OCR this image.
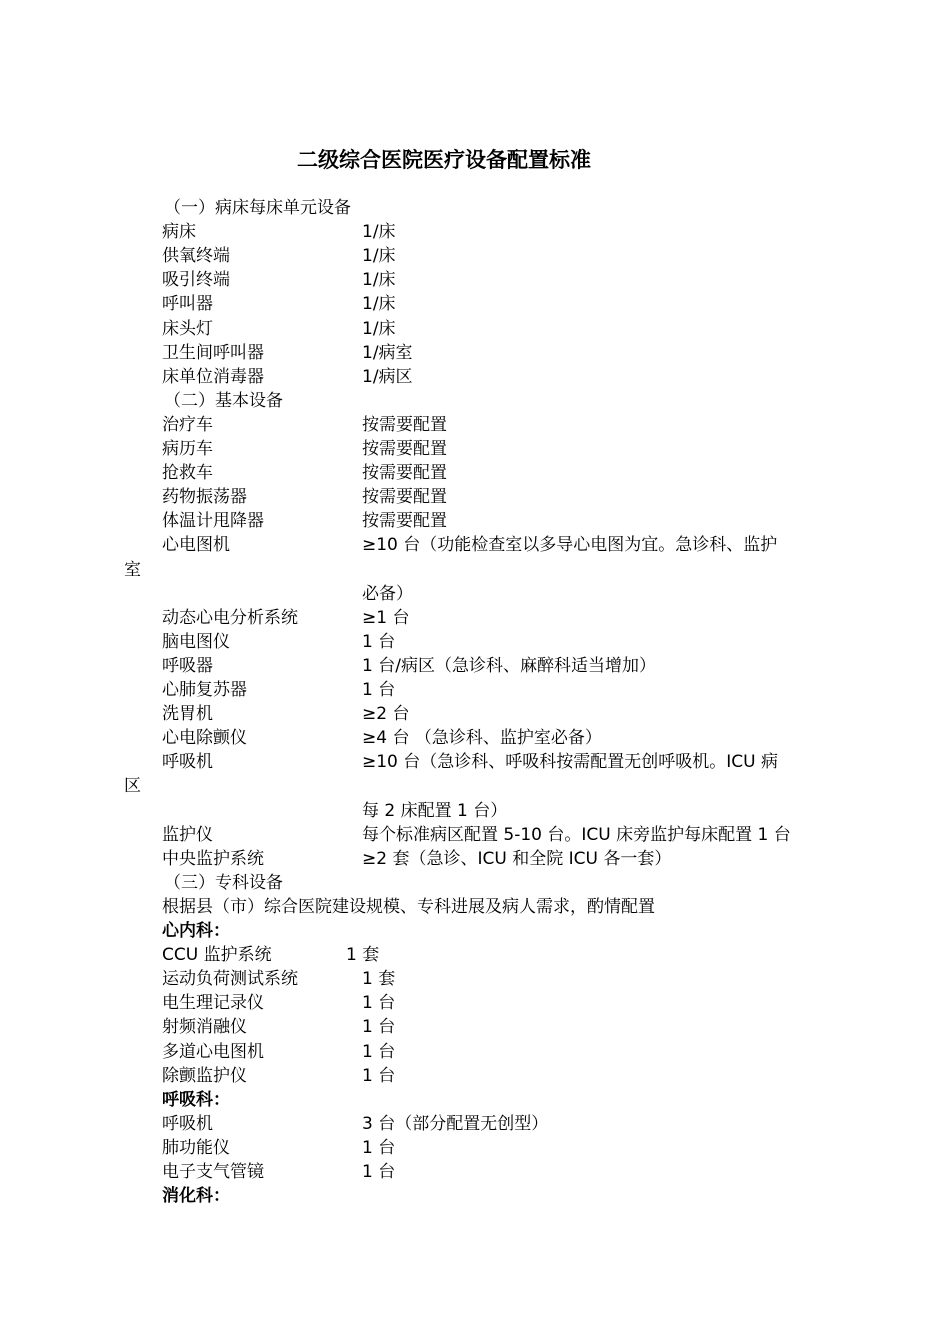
二级综合医院医疗设备配置标准
（一）病床每床单元设备
病床	1/床
供氧终端	1/床
吸引终端	1/床
呼叫器	1/床
床头灯	1/床
卫生间呼叫器	1/病室
床单位消毒器	1/病区
（二）基本设备
治疗车	按需要配置
病历车	按需要配置
抢救车	按需要配置
药物振荡器	按需要配置
体温计甩降器	按需要配置
心电图机	≥10 台（功能检查室以多导心电图为宜。急诊科、监护
室
必备）
动态心电分析系统	≥1 台
脑电图仪	1 台
呼吸器	1 台/病区（急诊科、麻醉科适当增加）
心肺复苏器	1 台
洗胃机	≥2 台
心电除颤仪	≥4 台 （急诊科、监护室必备）
呼吸机	≥10 台（急诊科、呼吸科按需配置无创呼吸机。ICU 病
区
每 2 床配置 1 台）
监护仪	每个标准病区配置 5-10 台。ICU 床旁监护每床配置 1 台
中央监护系统	≥2 套（急诊、ICU 和全院 ICU 各一套）
（三）专科设备
根据县（市）综合医院建设规模、专科进展及病人需求，酌情配置
心内科：
CCU 监护系统	1 套
运动负荷测试系统	1 套
电生理记录仪	1 台
射频消融仪	1 台
多道心电图机	1 台
除颤监护仪	1 台
呼吸科：
呼吸机	3 台（部分配置无创型）
肺功能仪	1 台
电子支气管镜	1 台
消化科：
